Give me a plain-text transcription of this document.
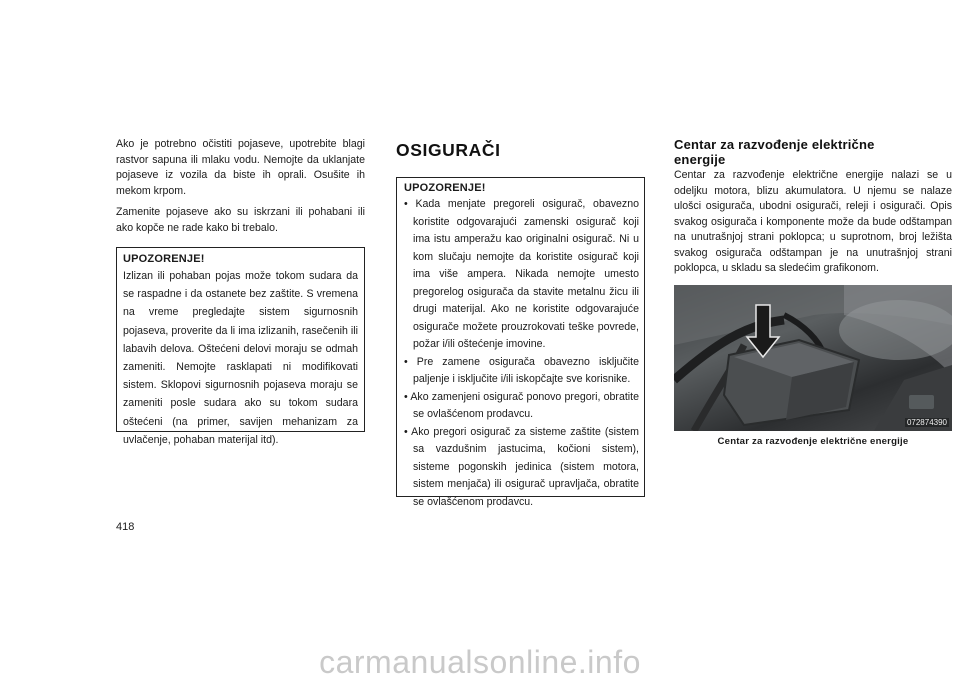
Ako je potrebno očistiti pojaseve, upotrebite blagi rastvor sapuna ili mlaku vodu. Nemojte da uklanjate pojaseve iz vozila da biste ih oprali. Osušite ih mekom krpom.

Zamenite pojaseve ako su iskrzani ili pohabani ili ako kopče ne rade kako bi trebalo.

UPOZORENJE!

Izlizan ili pohaban pojas može tokom sudara da se raspadne i da ostanete bez zaštite. S vremena na vreme pregledajte sistem sigurnosnih pojaseva, proverite da li ima izlizanih, rasečenih ili labavih delova. Oštećeni delovi moraju se odmah zameniti. Nemojte rasklapati ni modifikovati sistem. Sklopovi sigurnosnih pojaseva moraju se zameniti posle sudara ako su tokom sudara oštećeni (na primer, savijen mehanizam za uvlačenje, pohaban materijal itd).

OSIGURAČI
UPOZORENJE!
• Kada menjate pregoreli osigurač, obavezno koristite odgovarajući zamenski osigurač koji ima istu amperažu kao originalni osigurač. Ni u kom slučaju nemojte da koristite osigurač koji ima više ampera. Nikada nemojte umesto pregorelog osigurača da stavite metalnu žicu ili drugi materijal. Ako ne koristite odgovarajuće osigurače možete prouzrokovati teške povrede, požar i/ili oštećenje imovine.
• Pre zamene osigurača obavezno isključite paljenje i isključite i/ili iskopčajte sve korisnike.
• Ako zamenjeni osigurač ponovo pregori, obratite se ovlašćenom prodavcu.
• Ako pregori osigurač za sisteme zaštite (sistem sa vazdušnim jastucima, kočioni sistem), sisteme pogonskih jedinica (sistem motora, sistem menjača) ili osigurač upravljača, obratite se ovlašćenom prodavcu.
Centar za razvođenje električne
energije

Centar za razvođenje električne energije nalazi se u odeljku motora, blizu akumulatora. U njemu se nalaze ulošci osigurača, ubodni osigurači, releji i osigurači. Opis svakog osigurača i komponente može da bude odštampan na unutrašnjoj strani poklopca; u suprotnom, broj ležišta svakog osigurača odštampan je na unutrašnjoj strani poklopca, u skladu sa sledećim grafikonom.

072874390
Centar za razvođenje električne energije
418
carmanualsonline.info
